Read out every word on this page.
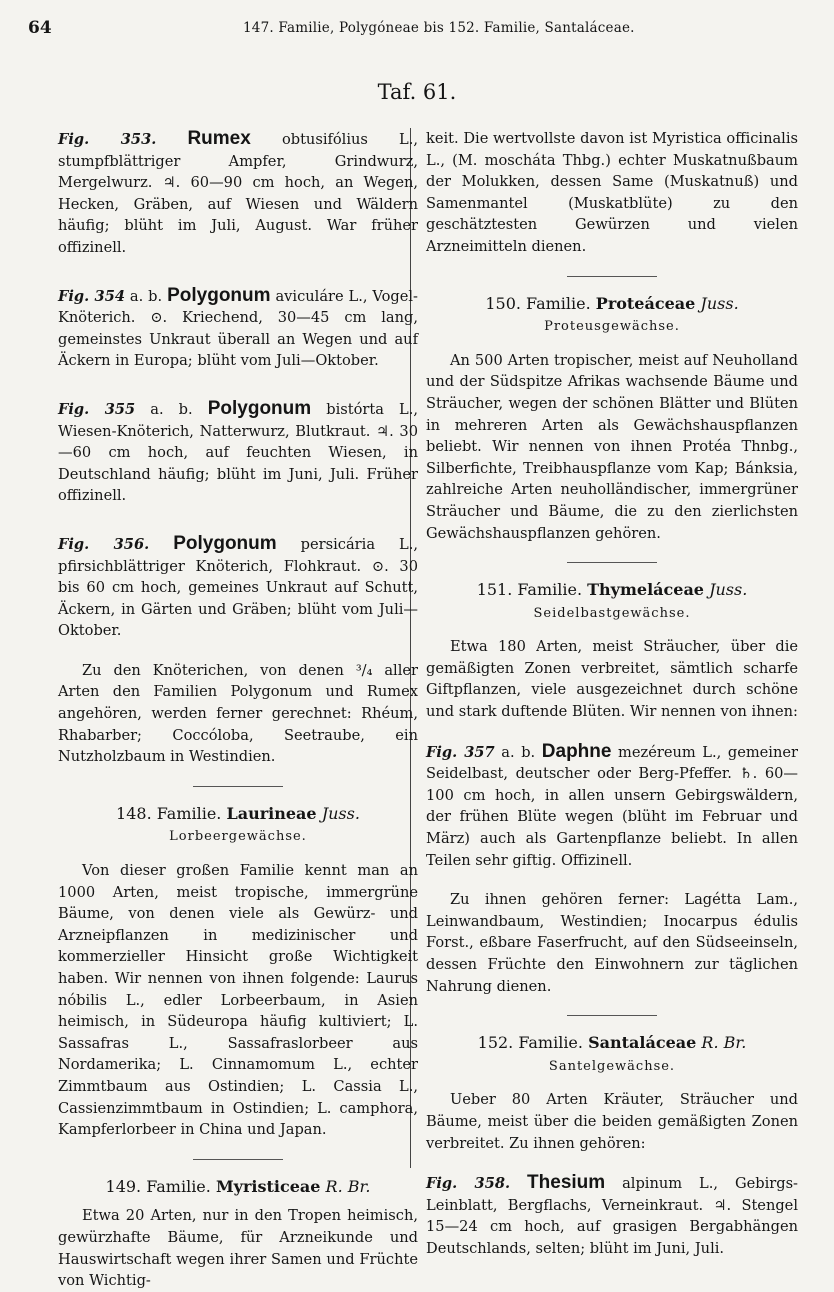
64	147. Familie, Polygóneae bis 152. Familie, Santaláceae.
Taf. 61.

Fig. 353. Rumex obtusifólius L., stumpfblättriger Ampfer, Grindwurz, Mergelwurz. ♃. 60—90 cm hoch, an Wegen, Hecken, Gräben, auf Wiesen und Wäldern häufig; blüht im Juli, August. War früher offizinell.

Fig. 354 a. b. Polygonum aviculáre L., Vogel-Knöterich. ⊙. Kriechend, 30—45 cm lang, gemeinstes Unkraut überall an Wegen und auf Äckern in Europa; blüht vom Juli—Oktober.

Fig. 355 a. b. Polygonum bistórta L., Wiesen-Knöterich, Natterwurz, Blutkraut. ♃. 30—60 cm hoch, auf feuchten Wiesen, in Deutschland häufig; blüht im Juni, Juli. Früher offizinell.

Fig. 356. Polygonum persicária L., pfirsichblättriger Knöterich, Flohkraut. ⊙. 30 bis 60 cm hoch, gemeines Unkraut auf Schutt, Äckern, in Gärten und Gräben; blüht vom Juli—Oktober.

Zu den Knöterichen, von denen ³/₄ aller Arten den Familien Polygonum und Rumex angehören, werden ferner gerechnet: Rhéum, Rhabarber; Coccóloba, Seetraube, ein Nutzholzbaum in Westindien.

148. Familie. Laurineae Juss.

Lorbeergewächse.

Von dieser großen Familie kennt man an 1000 Arten, meist tropische, immergrüne Bäume, von denen viele als Gewürz- und Arzneipflanzen in medizinischer und kommerzieller Hinsicht große Wichtigkeit haben. Wir nennen von ihnen folgende: Laurus nóbilis L., edler Lorbeerbaum, in Asien heimisch, in Südeuropa häufig kultiviert; L. Sassafras L., Sassafraslorbeer aus Nordamerika; L. Cinnamomum L., echter Zimmtbaum aus Ostindien; L. Cassia L., Cassienzimmtbaum in Ostindien; L. camphora, Kampferlorbeer in China und Japan.

149. Familie. Myristiceae R. Br.

Etwa 20 Arten, nur in den Tropen heimisch, gewürzhafte Bäume, für Arzneikunde und Hauswirtschaft wegen ihrer Samen und Früchte von Wichtig-

keit. Die wertvollste davon ist Myristica officinalis L., (M. moscháta Thbg.) echter Muskatnußbaum der Molukken, dessen Same (Muskatnuß) und Samenmantel (Muskatblüte) zu den geschätztesten Gewürzen und vielen Arzneimitteln dienen.

150. Familie. Proteáceae Juss.

Proteusgewächse.

An 500 Arten tropischer, meist auf Neuholland und der Südspitze Afrikas wachsende Bäume und Sträucher, wegen der schönen Blätter und Blüten in mehreren Arten als Gewächshauspflanzen beliebt. Wir nennen von ihnen Protéa Thnbg., Silberfichte, Treibhauspflanze vom Kap; Bánksia, zahlreiche Arten neuholländischer, immergrüner Sträucher und Bäume, die zu den zierlichsten Gewächshauspflanzen gehören.

151. Familie. Thymeláceae Juss.

Seidelbastgewächse.

Etwa 180 Arten, meist Sträucher, über die gemäßigten Zonen verbreitet, sämtlich scharfe Giftpflanzen, viele ausgezeichnet durch schöne und stark duftende Blüten. Wir nennen von ihnen:

Fig. 357 a. b. Daphne mezéreum L., gemeiner Seidelbast, deutscher oder Berg-Pfeffer. ♄. 60—100 cm hoch, in allen unsern Gebirgswäldern, der frühen Blüte wegen (blüht im Februar und März) auch als Gartenpflanze beliebt. In allen Teilen sehr giftig. Offizinell.

Zu ihnen gehören ferner: Lagétta Lam., Leinwandbaum, Westindien; Inocarpus édulis Forst., eßbare Faserfrucht, auf den Südseeinseln, dessen Früchte den Einwohnern zur täglichen Nahrung dienen.

152. Familie. Santaláceae R. Br.

Santelgewächse.

Ueber 80 Arten Kräuter, Sträucher und Bäume, meist über die beiden gemäßigten Zonen verbreitet. Zu ihnen gehören:

Fig. 358. Thesium alpinum L., Gebirgs-Leinblatt, Bergflachs, Verneinkraut. ♃. Stengel 15—24 cm hoch, auf grasigen Bergabhängen Deutschlands, selten; blüht im Juni, Juli.
